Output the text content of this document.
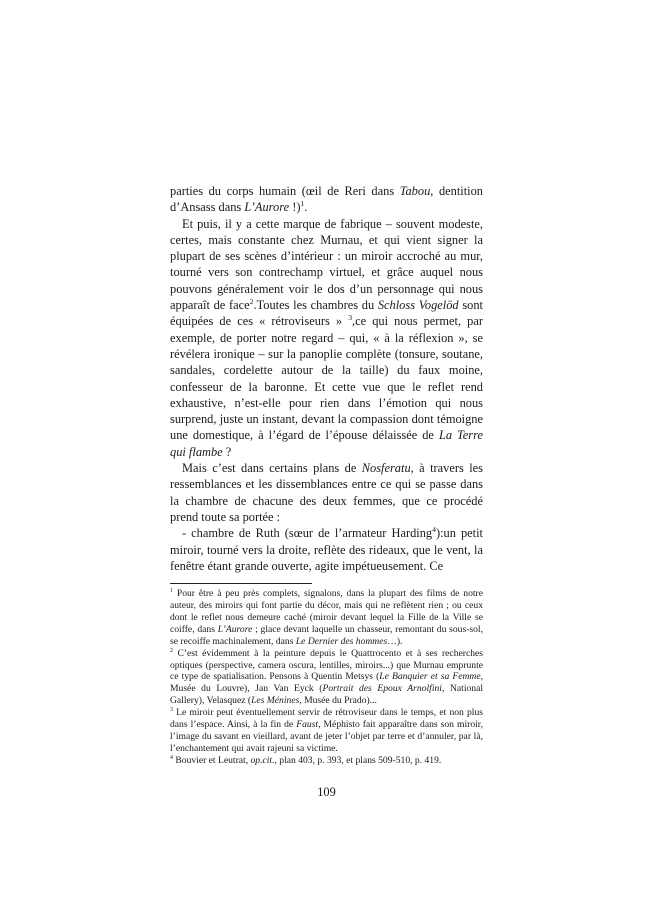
parties du corps humain (œil de Reri dans Tabou, dentition d’Ansass dans L’Aurore !)$^1$.

Et puis, il y a cette marque de fabrique – souvent modeste, certes, mais constante chez Murnau, et qui vient signer la plupart de ses scènes d’intérieur : un miroir accroché au mur, tourné vers son contrechamp virtuel, et grâce auquel nous pouvons généralement voir le dos d’un personnage qui nous apparaît de face$^2$.Toutes les chambres du Schloss Vogelöd sont équipées de ces « rétroviseurs » $^3$,ce qui nous permet, par exemple, de porter notre regard – qui, « à la réflexion », se révélera ironique – sur la panoplie complète (tonsure, soutane, sandales, cordelette autour de la taille) du faux moine, confesseur de la baronne. Et cette vue que le reflet rend exhaustive, n’est-elle pour rien dans l’émotion qui nous surprend, juste un instant, devant la compassion dont témoigne une domestique, à l’égard de l’épouse délaissée de La Terre qui flambe ?

Mais c’est dans certains plans de Nosferatu, à travers les ressemblances et les dissemblances entre ce qui se passe dans la chambre de chacune des deux femmes, que ce procédé prend toute sa portée :

- chambre de Ruth (sœur de l’armateur Harding$^4$):un petit miroir, tourné vers la droite, reflète des rideaux, que le vent, la fenêtre étant grande ouverte, agite impétueusement. Ce

$^1$ Pour être à peu près complets, signalons, dans la plupart des films de notre auteur, des miroirs qui font partie du décor, mais qui ne reflètent rien ; ou ceux dont le reflet nous demeure caché (miroir devant lequel la Fille de la Ville se coiffe, dans L’Aurore ; glace devant laquelle un chasseur, remontant du sous-sol, se recoiffe machinalement, dans Le Dernier des hommes…).

$^2$ C’est évidemment à la peinture depuis le Quattrocento et à ses recherches optiques (perspective, camera oscura, lentilles, miroirs...) que Murnau emprunte ce type de spatialisation. Pensons à Quentin Metsys (Le Banquier et sa Femme, Musée du Louvre), Jan Van Eyck (Portrait des Epoux Arnolfini, National Gallery), Velasquez (Les Ménines, Musée du Prado)...

$^3$ Le miroir peut éventuellement servir de rétroviseur dans le temps, et non plus dans l’espace. Ainsi, à la fin de Faust, Méphisto fait apparaître dans son miroir, l’image du savant en vieillard, avant de jeter l’objet par terre et d’annuler, par là, l’enchantement qui avait rajeuni sa victime.

$^4$ Bouvier et Leutrat, op.cit., plan 403, p. 393, et plans 509-510, p. 419.

109
